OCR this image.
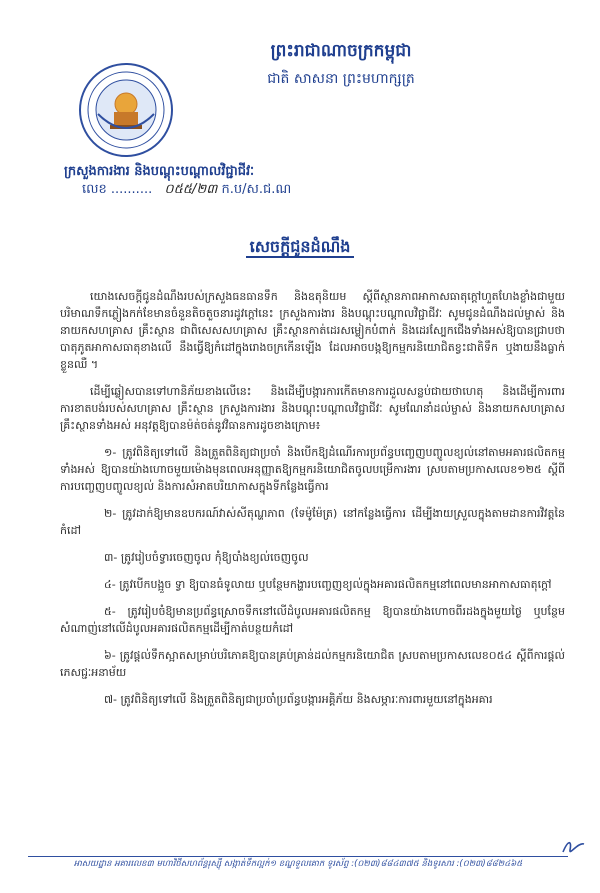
ព្រះរាជាណាចក្រកម្ពុជា
ជាតិ សាសនា ព្រះមហាក្សត្រ
ក្រសួងការងារ និងបណ្តុះបណ្តាលវិជ្ជាជីវៈ
លេខ .......... ០៥៥/២៣ ក.ប/ស.ជ.ណ
សេចក្តីជូនដំណឹង

យោងសេចក្តីជូនដំណឹងរបស់ក្រសួងធនធានទឹក និងឧតុនិយម ស្តីពីស្ថានភាពអាកាសធាតុក្តៅហួតហែងខ្លាំងជាមួយបរិមាណទឹកភ្លៀងកក់ខែមានចំនួនតិចតួចនារដូវក្តៅនេះ ក្រសួងការងារ និងបណ្តុះបណ្តាលវិជ្ជាជីវៈ សូមជូនដំណឹងដល់ម្ចាស់ និងនាយកសហគ្រាស គ្រឹះស្ថាន ជាពិសេសសហគ្រាស គ្រឹះស្ថានកាត់ដេរសម្លៀកបំពាក់ និងដេរស្បែកជើងទាំងអស់ឱ្យបានជ្រាបថា បាតុភូតអាកាសធាតុខាងលើ នឹងធ្វើឱ្យកំដៅក្នុងរោងចក្រកើនឡើង ដែលអាចបង្កឱ្យកម្មករនិយោជិតខ្វះជាតិទឹក ឬងាយនឹងធ្លាក់ខ្លួនឈឺ ។

ដើម្បីឆ្លៀសបានទៅហានិភ័យខាងលើនេះ និងដើម្បីបង្ការការកើតមានការដួលសន្លប់ជាយថាហេតុ និងដើម្បីការពារការខាតបង់របស់សហគ្រាស គ្រឹះស្ថាន ក្រសួងការងារ និងបណ្តុះបណ្តាលវិជ្ជាជីវៈ សូមណែនាំដល់ម្ចាស់ និងនាយកសហគ្រាស គ្រឹះស្ថានទាំងអស់ អនុវត្តឱ្យបានម៉ត់ចត់នូវវិធានការដូចខាងក្រោម៖

១- ត្រូវពិនិត្យទៅលើ និងត្រួតពិនិត្យជាប្រចាំ និងបើកឱ្យដំណើរការប្រព័ន្ធបញ្ចេញបញ្ចូលខ្យល់នៅតាមអគារផលិតកម្មទាំងអស់ ឱ្យបានយ៉ាងហោចមួយម៉ោងមុនពេលអនុញ្ញាតឱ្យកម្មករនិយោជិតចូលបម្រើការងារ ស្របតាមប្រកាសលេខ១២៥ ស្តីពីការបញ្ចេញបញ្ចូលខ្យល់ និងការសំអាតបរិយាកាសក្នុងទីកន្លែងធ្វើការ

២- ត្រូវដាក់ឱ្យមានឧបករណ៍វាស់សីតុណ្ហភាព (ទែម៉ូម៉ែត្រ) នៅកន្លែងធ្វើការ ដើម្បីងាយស្រួលក្នុងតាមដានការវិវត្តនៃកំដៅ

៣- ត្រូវរៀបចំទ្វារចេញចូល កុំឱ្យបាំងខ្យល់ចេញចូល

៤- ត្រូវបើកបង្អួច ទ្វា ឱ្យបានធំទូលាយ ឬបន្ថែមកង្ហារបញ្ចេញខ្យល់ក្នុងអគារផលិតកម្មនៅពេលមានអាកាសធាតុក្តៅ

៥- ត្រូវរៀបចំឱ្យមានប្រព័ន្ធស្រោចទឹកនៅលើដំបូលអគារផលិតកម្ម ឱ្យបានយ៉ាងហោចពីរដងក្នុងមួយថ្ងៃ ឬបន្ថែមសំណាញ់នៅលើដំបូលអគារផលិតកម្មដើម្បីកាត់បន្ថយកំដៅ

៦- ត្រូវផ្តល់ទឹកស្អាតសម្រាប់បរិភោគឱ្យបានគ្រប់គ្រាន់ដល់កម្មករនិយោជិត ស្របតាមប្រកាសលេខ០៥៤ ស្តីពីការផ្តល់ភេសជ្ជៈអនាម័យ

៧- ត្រូវពិនិត្យទៅលើ និងត្រួតពិនិត្យជាប្រចាំប្រព័ន្ធបង្ការអគ្គិភ័យ និងសម្ភារៈការពារមួយនៅក្នុងអគារ

អាសយដ្ឋាន អគារលេខ៣ មហាវិថីសហព័ន្ធរុស្ស៊ី សង្កាត់ទឹកល្អក់១ ខណ្ឌទួលគោក ទូរស័ព្ទ :(០២៣)៨៨៤៣៧៥ និងទូរសារ :(០២៣)៨៨២៤៦៥
